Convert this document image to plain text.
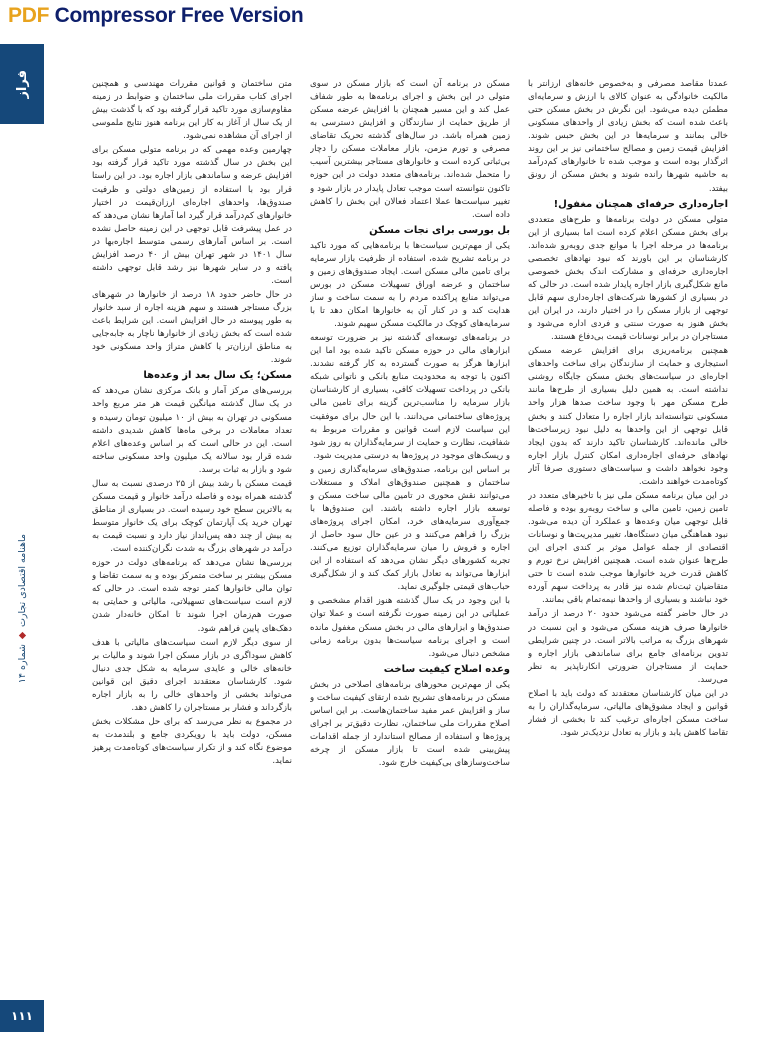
PDF Compressor Free Version
فراز
ماهنامه اقتصادی تجارت ◆ شماره ۱۴
۱۱۱

عمدتا مقاصد مصرفی و به‌خصوص خانه‌های ارزانتر با مالکیت خانوادگی به عنوان کالای با ارزش و سرمایه‌ای مطمئن دیده می‌شود. این نگرش در بخش مسکن حتی باعث شده است که بخش زیادی از واحدهای مسکونی خالی بمانند و سرمایه‌ها در این بخش حبس شوند. افزایش قیمت زمین و مصالح ساختمانی نیز بر این روند اثرگذار بوده است و موجب شده تا خانوارهای کم‌درآمد به حاشیه شهرها رانده شوند و بخش مسکن از رونق بیفتد.

اجاره‌داری حرفه‌ای همچنان مغفول!

متولی مسکن در دولت برنامه‌ها و طرح‌های متعددی برای بخش مسکن اعلام کرده است اما بسیاری از این برنامه‌ها در مرحله اجرا با موانع جدی روبه‌رو شده‌اند. کارشناسان بر این باورند که نبود نهادهای تخصصی اجاره‌داری حرفه‌ای و مشارکت اندک بخش خصوصی مانع شکل‌گیری بازار اجاره پایدار شده است. در حالی که در بسیاری از کشورها شرکت‌های اجاره‌داری سهم قابل توجهی از بازار مسکن را در اختیار دارند، در ایران این بخش هنوز به صورت سنتی و فردی اداره می‌شود و مستاجران در برابر نوسانات قیمت بی‌دفاع هستند.

همچنین برنامه‌ریزی برای افزایش عرضه مسکن استیجاری و حمایت از سازندگان برای ساخت واحدهای اجاره‌ای در سیاست‌های بخش مسکن جایگاه روشنی نداشته است. به همین دلیل بسیاری از طرح‌ها مانند طرح مسکن مهر با وجود ساخت صدها هزار واحد مسکونی نتوانسته‌اند بازار اجاره را متعادل کنند و بخش قابل توجهی از این واحدها به دلیل نبود زیرساخت‌ها خالی مانده‌اند. کارشناسان تاکید دارند که بدون ایجاد نهادهای حرفه‌ای اجاره‌داری امکان کنترل بازار اجاره وجود نخواهد داشت و سیاست‌های دستوری صرفا آثار کوتاه‌مدت خواهند داشت.

در این میان برنامه مسکن ملی نیز با تاخیرهای متعدد در تامین زمین، تامین مالی و ساخت روبه‌رو بوده و فاصله قابل توجهی میان وعده‌ها و عملکرد آن دیده می‌شود. نبود هماهنگی میان دستگاه‌ها، تغییر مدیریت‌ها و نوسانات اقتصادی از جمله عوامل موثر بر کندی اجرای این طرح‌ها عنوان شده است. همچنین افزایش نرخ تورم و کاهش قدرت خرید خانوارها موجب شده است تا حتی متقاضیان ثبت‌نام شده نیز قادر به پرداخت سهم آورده خود نباشند و بسیاری از واحدها نیمه‌تمام باقی بمانند.

در حال حاضر گفته می‌شود حدود ۲۰ درصد از درآمد خانوارها صرف هزینه مسکن می‌شود و این نسبت در شهرهای بزرگ به مراتب بالاتر است. در چنین شرایطی تدوین برنامه‌ای جامع برای ساماندهی بازار اجاره و حمایت از مستاجران ضرورتی انکارناپذیر به نظر می‌رسد.

در این میان کارشناسان معتقدند که دولت باید با اصلاح قوانین و ایجاد مشوق‌های مالیاتی، سرمایه‌گذاران را به ساخت مسکن اجاره‌ای ترغیب کند تا بخشی از فشار تقاضا کاهش یابد و بازار به تعادل نزدیک‌تر شود.

مسکن در برنامه آن است که بازار مسکن در سوی متولی در این بخش و اجرای برنامه‌ها به طور شفاف عمل کند و این مسیر همچنان با افزایش عرضه مسکن از طریق حمایت از سازندگان و افزایش دسترسی به زمین همراه باشد. در سال‌های گذشته تحریک تقاضای مصرفی و تورم مزمن، بازار معاملات مسکن را دچار بی‌ثباتی کرده است و خانوارهای مستاجر بیشترین آسیب را متحمل شده‌اند. برنامه‌های متعدد دولت در این حوزه تاکنون نتوانسته است موجب تعادل پایدار در بازار شود و تغییر سیاست‌ها عملا اعتماد فعالان این بخش را کاهش داده است.

بل بورسی برای نجات مسکن

یکی از مهم‌ترین سیاست‌ها با برنامه‌هایی که مورد تاکید در برنامه تشریح شده، استفاده از ظرفیت بازار سرمایه برای تامین مالی مسکن است. ایجاد صندوق‌های زمین و ساختمان و عرضه اوراق تسهیلات مسکن در بورس می‌تواند منابع پراکنده مردم را به سمت ساخت و ساز هدایت کند و در کنار آن به خانوارها امکان دهد تا با سرمایه‌های کوچک در مالکیت مسکن سهیم شوند.

در برنامه‌های توسعه‌ای گذشته نیز بر ضرورت توسعه ابزارهای مالی در حوزه مسکن تاکید شده بود اما این ابزارها هرگز به صورت گسترده به کار گرفته نشدند. اکنون با توجه به محدودیت منابع بانکی و ناتوانی شبکه بانکی در پرداخت تسهیلات کافی، بسیاری از کارشناسان بازار سرمایه را مناسب‌ترین گزینه برای تامین مالی پروژه‌های ساختمانی می‌دانند. با این حال برای موفقیت این سیاست لازم است قوانین و مقررات مربوط به شفافیت، نظارت و حمایت از سرمایه‌گذاران به روز شود و ریسک‌های موجود در پروژه‌ها به درستی مدیریت شود.

بر اساس این برنامه، صندوق‌های سرمایه‌گذاری زمین و ساختمان و همچنین صندوق‌های املاک و مستغلات می‌توانند نقش محوری در تامین مالی ساخت مسکن و توسعه بازار اجاره داشته باشند. این صندوق‌ها با جمع‌آوری سرمایه‌های خرد، امکان اجرای پروژه‌های بزرگ را فراهم می‌کنند و در عین حال سود حاصل از اجاره و فروش را میان سرمایه‌گذاران توزیع می‌کنند. تجربه کشورهای دیگر نشان می‌دهد که استفاده از این ابزارها می‌تواند به تعادل بازار کمک کند و از شکل‌گیری حباب‌های قیمتی جلوگیری نماید.

با این وجود در یک سال گذشته هنوز اقدام مشخصی و عملیاتی در این زمینه صورت نگرفته است و عملا توان صندوق‌ها و ابزارهای مالی در بخش مسکن مغفول مانده است و اجرای برنامه سیاست‌ها بدون برنامه زمانی مشخص دنبال می‌شود.

وعده اصلاح کیفیت ساخت

یکی از مهم‌ترین محورهای برنامه‌های اصلاحی در بخش مسکن در برنامه‌های تشریح شده ارتقای کیفیت ساخت و ساز و افزایش عمر مفید ساختمان‌هاست. بر این اساس اصلاح مقررات ملی ساختمان، نظارت دقیق‌تر بر اجرای پروژه‌ها و استفاده از مصالح استاندارد از جمله اقدامات پیش‌بینی شده است تا بازار مسکن از چرخه ساخت‌وسازهای بی‌کیفیت خارج شود.

متن ساختمان و قوانین مقررات مهندسی و همچنین اجرای کتاب مقررات ملی ساختمان و ضوابط در زمینه مقاوم‌سازی مورد تاکید قرار گرفته بود که با گذشت بیش از یک سال از آغاز به کار این برنامه هنوز نتایج ملموسی از اجرای آن مشاهده نمی‌شود.

چهارمین وعده مهمی که در برنامه متولی مسکن برای این بخش در سال گذشته مورد تاکید قرار گرفته بود افزایش عرضه و ساماندهی بازار اجاره بود. در این راستا قرار بود با استفاده از زمین‌های دولتی و ظرفیت صندوق‌ها، واحدهای اجاره‌ای ارزان‌قیمت در اختیار خانوارهای کم‌درآمد قرار گیرد اما آمارها نشان می‌دهد که در عمل پیشرفت قابل توجهی در این زمینه حاصل نشده است. بر اساس آمارهای رسمی متوسط اجاره‌بها در سال ۱۴۰۱ در شهر تهران بیش از ۴۰ درصد افزایش یافته و در سایر شهرها نیز رشد قابل توجهی داشته است.

در حال حاضر حدود ۱۸ درصد از خانوارها در شهرهای بزرگ مستاجر هستند و سهم هزینه اجاره از سبد خانوار به طور پیوسته در حال افزایش است. این شرایط باعث شده است که بخش زیادی از خانوارها ناچار به جابه‌جایی به مناطق ارزان‌تر یا کاهش متراژ واحد مسکونی خود شوند.

مسکن؛ یک سال بعد از وعده‌ها

بررسی‌های مرکز آمار و بانک مرکزی نشان می‌دهد که در یک سال گذشته میانگین قیمت هر متر مربع واحد مسکونی در تهران به بیش از ۱۰ میلیون تومان رسیده و تعداد معاملات در برخی ماه‌ها کاهش شدیدی داشته است. این در حالی است که بر اساس وعده‌های اعلام شده قرار بود سالانه یک میلیون واحد مسکونی ساخته شود و بازار به ثبات برسد.

قیمت مسکن با رشد بیش از ۲۵ درصدی نسبت به سال گذشته همراه بوده و فاصله درآمد خانوار و قیمت مسکن به بالاترین سطح خود رسیده است. در بسیاری از مناطق تهران خرید یک آپارتمان کوچک برای یک خانوار متوسط به بیش از چند دهه پس‌انداز نیاز دارد و نسبت قیمت به درآمد در شهرهای بزرگ به شدت نگران‌کننده است.

بررسی‌ها نشان می‌دهد که برنامه‌های دولت در حوزه مسکن بیشتر بر ساخت متمرکز بوده و به سمت تقاضا و توان مالی خانوارها کمتر توجه شده است. در حالی که لازم است سیاست‌های تسهیلاتی، مالیاتی و حمایتی به صورت هم‌زمان اجرا شوند تا امکان خانه‌دار شدن دهک‌های پایین فراهم شود.

از سوی دیگر لازم است سیاست‌های مالیاتی با هدف کاهش سوداگری در بازار مسکن اجرا شوند و مالیات بر خانه‌های خالی و عایدی سرمایه به شکل جدی دنبال شود. کارشناسان معتقدند اجرای دقیق این قوانین می‌تواند بخشی از واحدهای خالی را به بازار اجاره بازگرداند و فشار بر مستاجران را کاهش دهد.

در مجموع به نظر می‌رسد که برای حل مشکلات بخش مسکن، دولت باید با رویکردی جامع و بلندمدت به موضوع نگاه کند و از تکرار سیاست‌های کوتاه‌مدت پرهیز نماید.
